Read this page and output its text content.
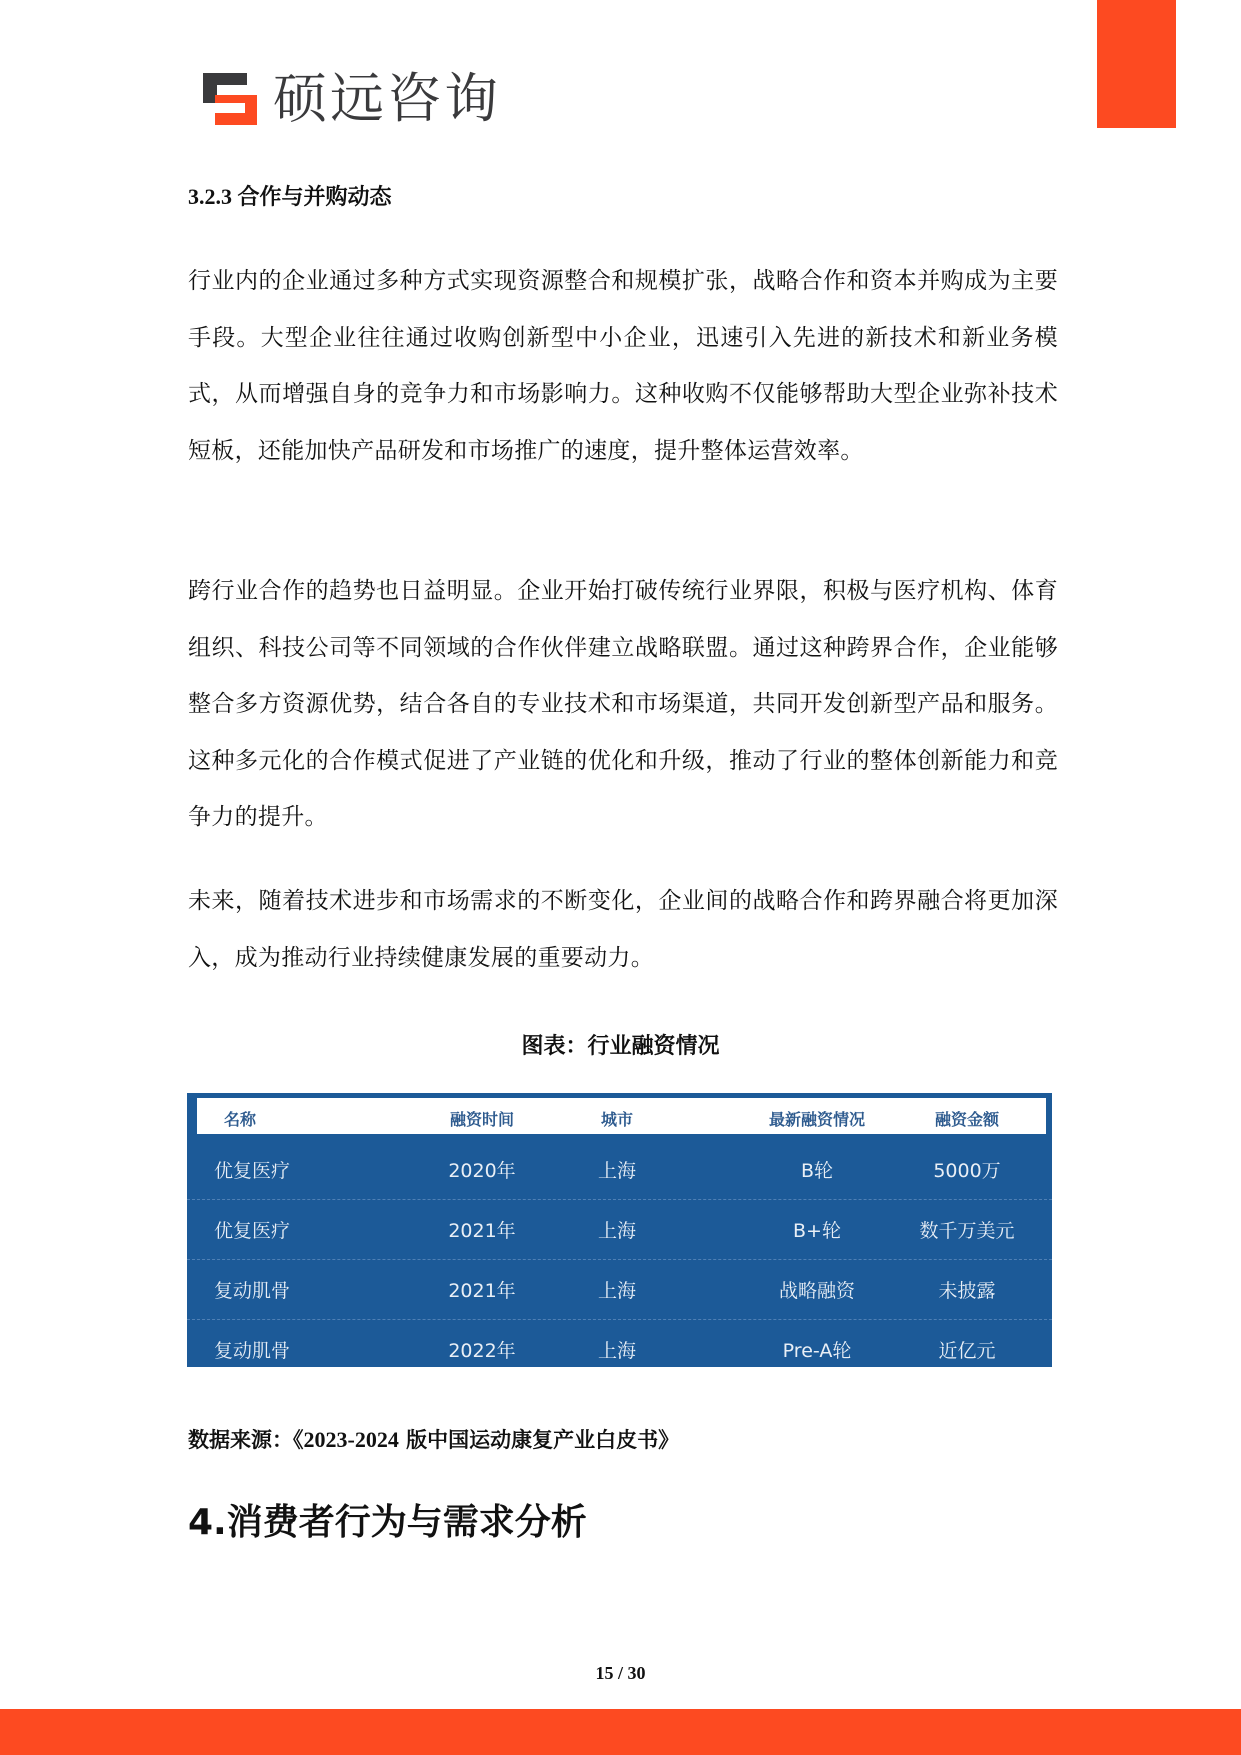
硕远咨询
3.2.3 合作与并购动态
行业内的企业通过多种方式实现资源整合和规模扩张，战略合作和资本并购成为主要手段。大型企业往往通过收购创新型中小企业，迅速引入先进的新技术和新业务模式，从而增强自身的竞争力和市场影响力。这种收购不仅能够帮助大型企业弥补技术短板，还能加快产品研发和市场推广的速度，提升整体运营效率。
跨行业合作的趋势也日益明显。企业开始打破传统行业界限，积极与医疗机构、体育组织、科技公司等不同领域的合作伙伴建立战略联盟。通过这种跨界合作，企业能够整合多方资源优势，结合各自的专业技术和市场渠道，共同开发创新型产品和服务。这种多元化的合作模式促进了产业链的优化和升级，推动了行业的整体创新能力和竞争力的提升。
未来，随着技术进步和市场需求的不断变化，企业间的战略合作和跨界融合将更加深入，成为推动行业持续健康发展的重要动力。
图表：行业融资情况
名称	融资时间	城市	最新融资情况	融资金额
优复医疗	2020年	上海	B轮	5000万
优复医疗	2021年	上海	B+轮	数千万美元
复动肌骨	2021年	上海	战略融资	未披露
复动肌骨	2022年	上海	Pre-A轮	近亿元
数据来源：《2023-2024 版中国运动康复产业白皮书》
4.消费者行为与需求分析
15 / 30
